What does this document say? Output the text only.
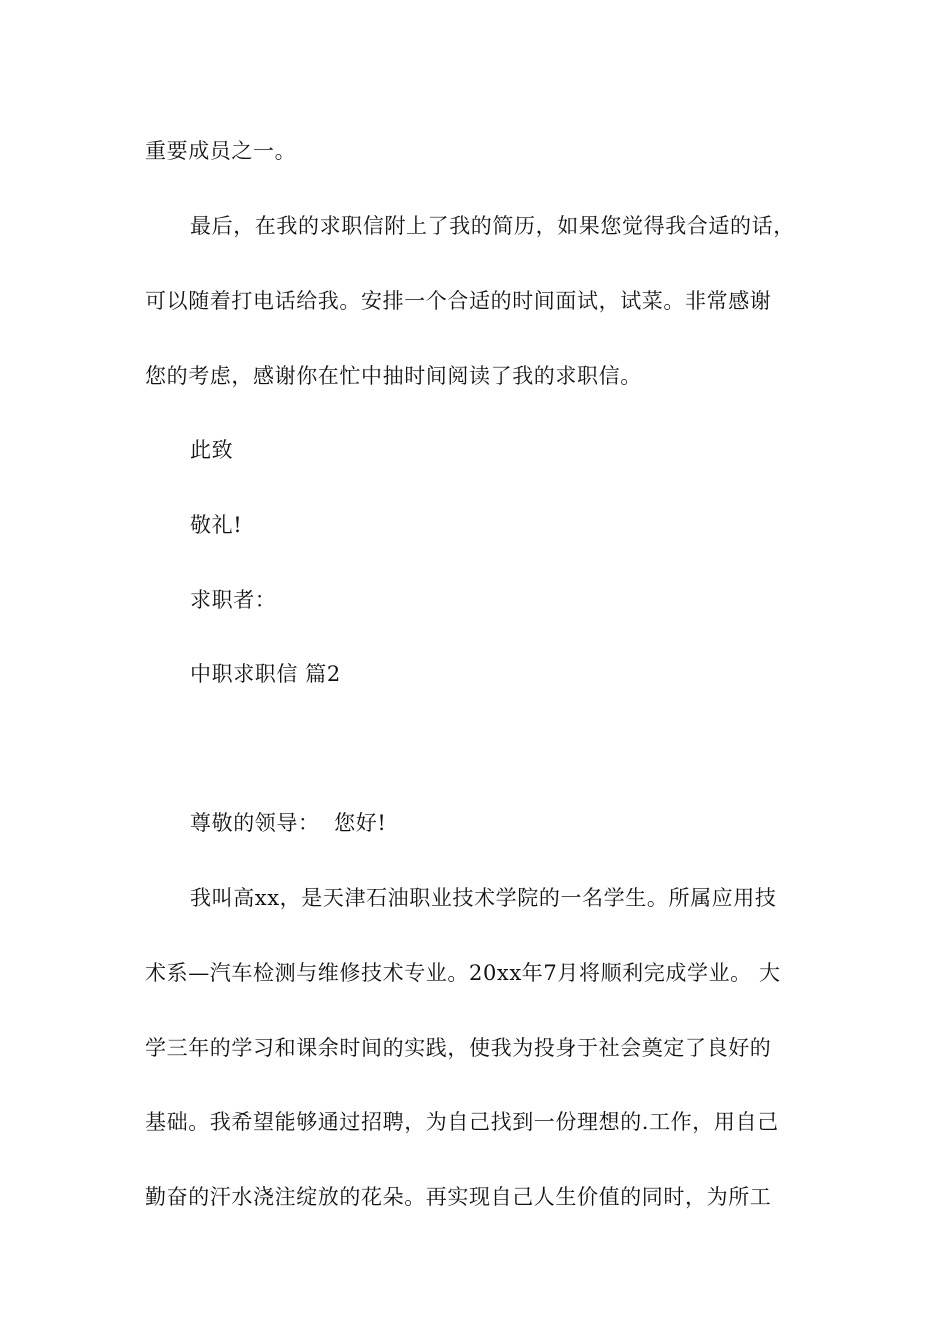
重要成员之一。
最后，在我的求职信附上了我的简历，如果您觉得我合适的话，
可以随着打电话给我。安排一个合适的时间面试，试菜。非常感谢
您的考虑，感谢你在忙中抽时间阅读了我的求职信。
此致
敬礼!
求职者：
中职求职信 篇2
尊敬的领导：  您好!
我叫高xx，是天津石油职业技术学院的一名学生。所属应用技
术系—汽车检测与维修技术专业。20xx年7月将顺利完成学业。 大
学三年的学习和课余时间的实践，使我为投身于社会奠定了良好的
基础。我希望能够通过招聘，为自己找到一份理想的.工作，用自己
勤奋的汗水浇注绽放的花朵。再实现自己人生价值的同时，为所工
